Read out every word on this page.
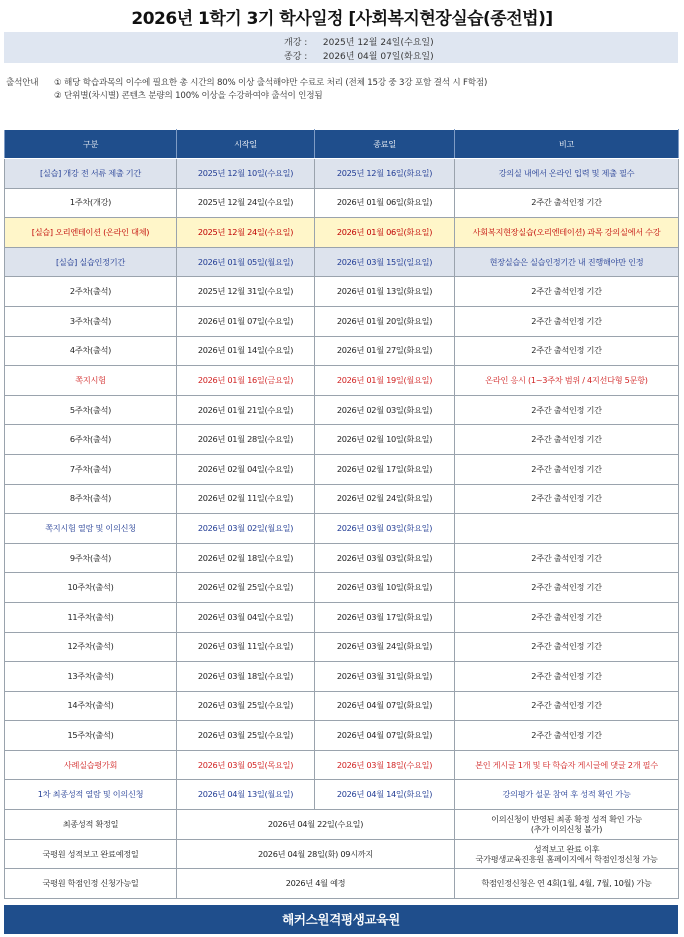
2026년 1학기 3기 학사일정 [사회복지현장실습(종전법)]
개강 : 2025년 12월 24일(수요일)
종강 : 2026년 04월 07일(화요일)
출석안내 ① 해당 학습과목의 이수에 필요한 총 시간의 80% 이상 출석해야만 수료로 처리 (전체 15강 중 3강 포함 결석 시 F학점)
② 단위별(차시별) 콘텐츠 분량의 100% 이상을 수강하여야 출석이 인정됨
구분	시작일	종료일	비고
[실습] 개강 전 서류 제출 기간	2025년 12월 10일(수요일)	2025년 12월 16일(화요일)	강의실 내에서 온라인 입력 및 제출 필수
1주차(개강)	2025년 12월 24일(수요일)	2026년 01월 06일(화요일)	2주간 출석인정 기간
[실습] 오리엔테이션 (온라인 대체)	2025년 12월 24일(수요일)	2026년 01월 06일(화요일)	사회복지현장실습(오리엔테이션) 과목 강의실에서 수강
[실습] 실습인정기간	2026년 01월 05일(월요일)	2026년 03월 15일(일요일)	현장실습은 실습인정기간 내 진행해야만 인정
2주차(출석)	2025년 12월 31일(수요일)	2026년 01월 13일(화요일)	2주간 출석인정 기간
3주차(출석)	2026년 01월 07일(수요일)	2026년 01월 20일(화요일)	2주간 출석인정 기간
4주차(출석)	2026년 01월 14일(수요일)	2026년 01월 27일(화요일)	2주간 출석인정 기간
쪽지시험	2026년 01월 16일(금요일)	2026년 01월 19일(월요일)	온라인 응시 (1~3주차 범위 / 4지선다형 5문항)
5주차(출석)	2026년 01월 21일(수요일)	2026년 02월 03일(화요일)	2주간 출석인정 기간
6주차(출석)	2026년 01월 28일(수요일)	2026년 02월 10일(화요일)	2주간 출석인정 기간
7주차(출석)	2026년 02월 04일(수요일)	2026년 02월 17일(화요일)	2주간 출석인정 기간
8주차(출석)	2026년 02월 11일(수요일)	2026년 02월 24일(화요일)	2주간 출석인정 기간
쪽지시험 열람 및 이의신청	2026년 03월 02일(월요일)	2026년 03월 03일(화요일)	
9주차(출석)	2026년 02월 18일(수요일)	2026년 03월 03일(화요일)	2주간 출석인정 기간
10주차(출석)	2026년 02월 25일(수요일)	2026년 03월 10일(화요일)	2주간 출석인정 기간
11주차(출석)	2026년 03월 04일(수요일)	2026년 03월 17일(화요일)	2주간 출석인정 기간
12주차(출석)	2026년 03월 11일(수요일)	2026년 03월 24일(화요일)	2주간 출석인정 기간
13주차(출석)	2026년 03월 18일(수요일)	2026년 03월 31일(화요일)	2주간 출석인정 기간
14주차(출석)	2026년 03월 25일(수요일)	2026년 04월 07일(화요일)	2주간 출석인정 기간
15주차(출석)	2026년 03월 25일(수요일)	2026년 04월 07일(화요일)	2주간 출석인정 기간
사례실습평가회	2026년 03월 05일(목요일)	2026년 03월 18일(수요일)	본인 게시글 1개 및 타 학습자 게시글에 댓글 2개 필수
1차 최종성적 열람 및 이의신청	2026년 04월 13일(월요일)	2026년 04월 14일(화요일)	강의평가 설문 참여 후 성적 확인 가능
최종성적 확정일	2026년 04월 22일(수요일)		이의신청이 반영된 최종 확정 성적 확인 가능
(추가 이의신청 불가)

국평원 성적보고 완료예정일	2026년 04월 28일(화) 09시까지		성적보고 완료 이후
국가평생교육진흥원 홈페이지에서 학점인정신청 가능

국평원 학점인정 신청가능일	2026년 4월 예정		학점인정신청은 연 4회(1월, 4월, 7월, 10월) 가능
해커스원격평생교육원
